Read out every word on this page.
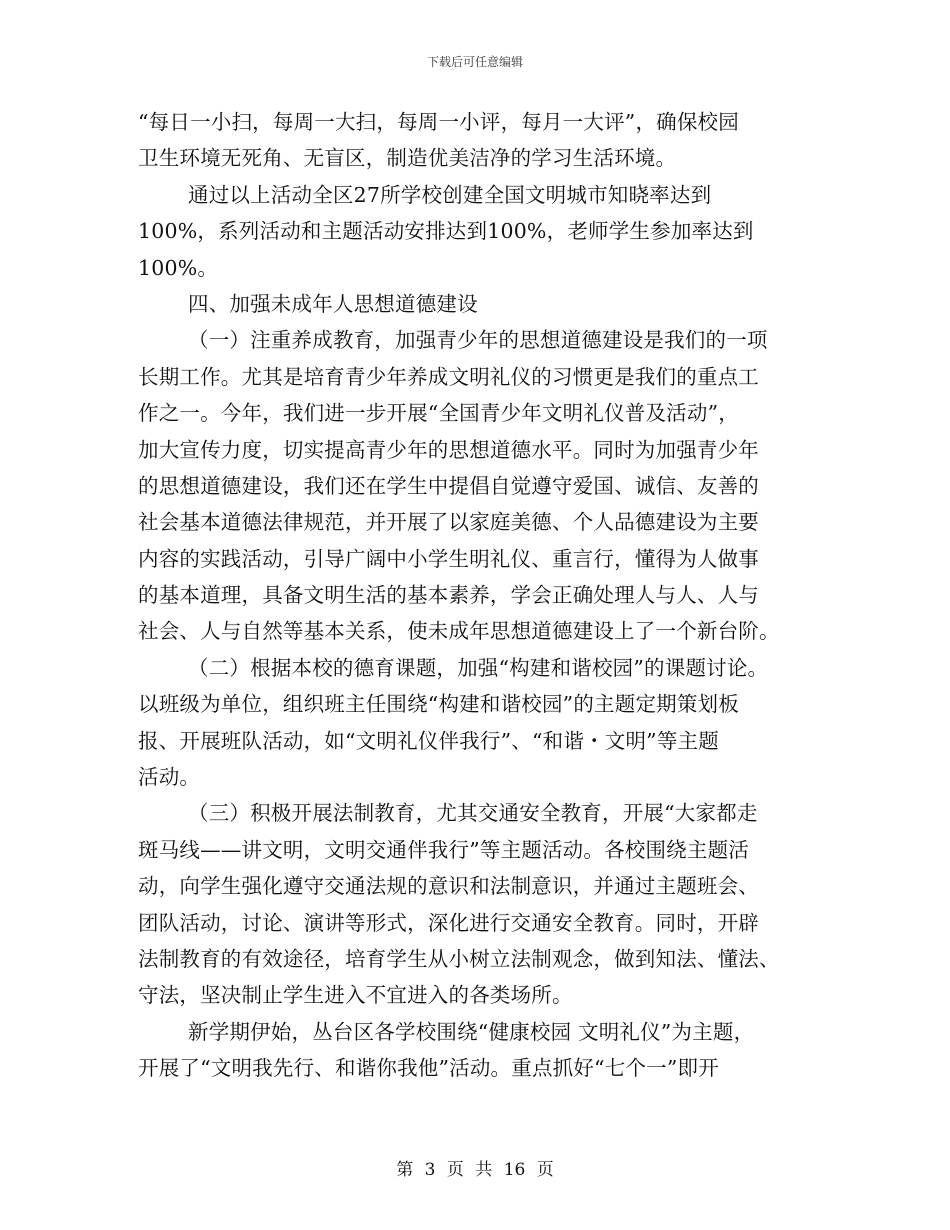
下载后可任意编辑
“每日一小扫，每周一大扫，每周一小评，每月一大评”，确保校园
卫生环境无死角、无盲区，制造优美洁净的学习生活环境。
通过以上活动全区27所学校创建全国文明城市知晓率达到
100%，系列活动和主题活动安排达到100%，老师学生参加率达到
100%。
四、加强未成年人思想道德建设
（一）注重养成教育，加强青少年的思想道德建设是我们的一项
长期工作。尤其是培育青少年养成文明礼仪的习惯更是我们的重点工
作之一。今年，我们进一步开展“全国青少年文明礼仪普及活动”，
加大宣传力度，切实提高青少年的思想道德水平。同时为加强青少年
的思想道德建设，我们还在学生中提倡自觉遵守爱国、诚信、友善的
社会基本道德法律规范，并开展了以家庭美德、个人品德建设为主要
内容的实践活动，引导广阔中小学生明礼仪、重言行，懂得为人做事
的基本道理，具备文明生活的基本素养，学会正确处理人与人、人与
社会、人与自然等基本关系，使未成年思想道德建设上了一个新台阶。
（二）根据本校的德育课题，加强“构建和谐校园”的课题讨论。
以班级为单位，组织班主任围绕“构建和谐校园”的主题定期策划板
报、开展班队活动，如“文明礼仪伴我行”、“和谐・文明”等主题
活动。
（三）积极开展法制教育，尤其交通安全教育，开展“大家都走
斑马线——讲文明，文明交通伴我行”等主题活动。各校围绕主题活
动，向学生强化遵守交通法规的意识和法制意识，并通过主题班会、
团队活动，讨论、演讲等形式，深化进行交通安全教育。同时，开辟
法制教育的有效途径，培育学生从小树立法制观念，做到知法、懂法、
守法，坚决制止学生进入不宜进入的各类场所。
新学期伊始，丛台区各学校围绕“健康校园 文明礼仪”为主题，
开展了“文明我先行、和谐你我他”活动。重点抓好“七个一”即开
第 3 页 共 16 页
